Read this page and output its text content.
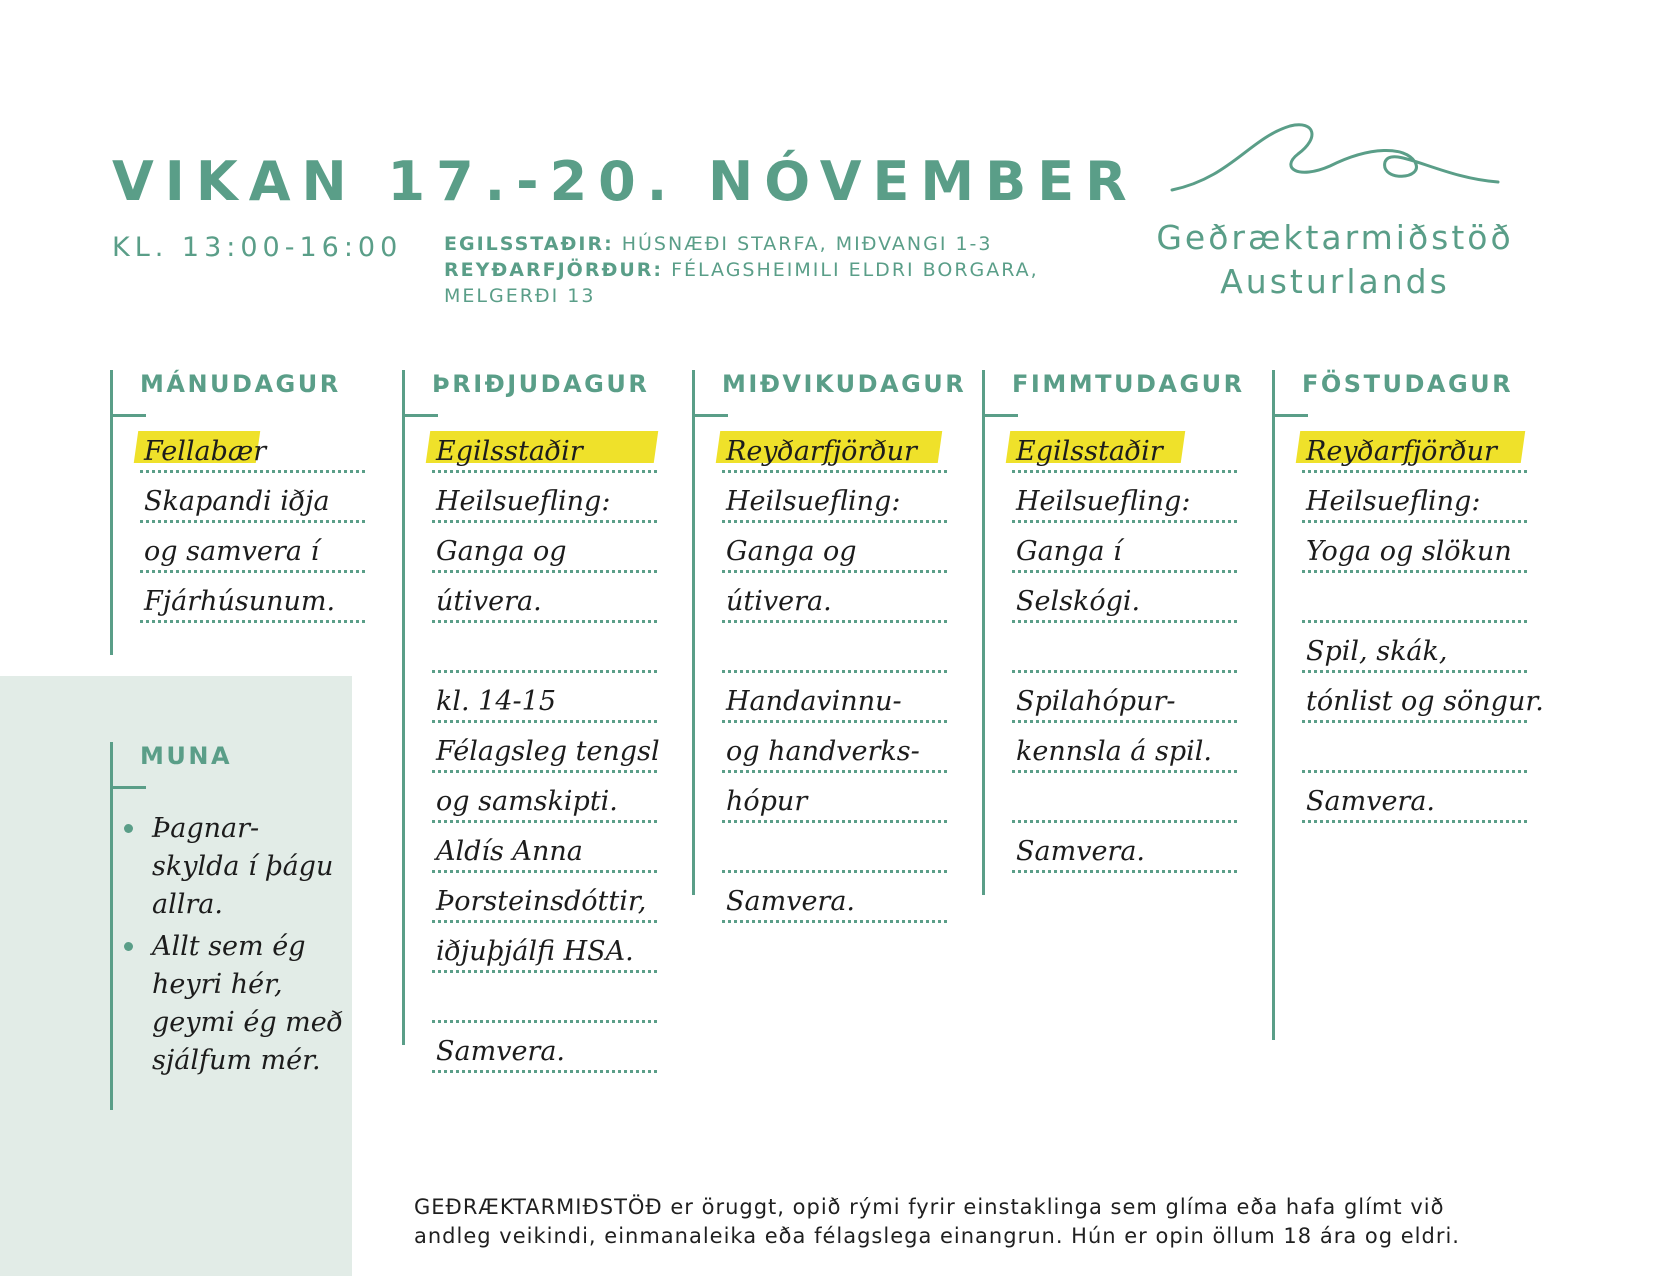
VIKAN 17.-20. NÓVEMBER
KL. 13:00-16:00 EGILSSTAÐIR: HÚSNÆÐI STARFA, MIÐVANGI 1-3
REYÐARFJÖRÐUR: FÉLAGSHEIMILI ELDRI BORGARA, MELGERÐI 13
Geðræktarmiðstöð
Austurlands
MÁNUDAGUR
Fellabær
Skapandi iðja
og samvera í
Fjárhúsunum.
ÞRIÐJUDAGUR
Egilsstaðir
Heilsuefling:
Ganga og
útivera.
kl. 14-15
Félagsleg tengsl
og samskipti.
Aldís Anna
Þorsteinsdóttir,
iðjuþjálfi HSA.
Samvera.
MIÐVIKUDAGUR
Reyðarfjörður
Heilsuefling:
Ganga og
útivera.
Handavinnu-
og handverks-
hópur
Samvera.
FIMMTUDAGUR
Egilsstaðir
Heilsuefling:
Ganga í
Selskógi.
Spilahópur-
kennsla á spil.
Samvera.
FÖSTUDAGUR
Reyðarfjörður
Heilsuefling:
Yoga og slökun
Spil, skák,
tónlist og söngur.
Samvera.
MUNA
Þagnar-skylda í þágu allra.
Allt sem ég heyri hér, geymi ég með sjálfum mér.

GEÐRÆKTARMIÐSTÖÐ er öruggt, opið rými fyrir einstaklinga sem glíma eða hafa glímt við andleg veikindi, einmanaleika eða félagslega einangrun. Hún er opin öllum 18 ára og eldri.
